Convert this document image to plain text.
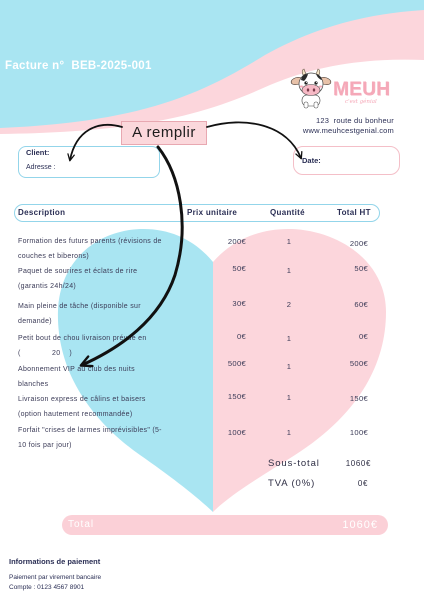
Facture n°  BEB-2025-001
MEUH
c'est génial
123  route du bonheur
www.meuhcestgenial.com
A remplir
Client:
Adresse :
Date:
Description	Prix unitaire	Quantité	Total HT
Formation des futurs parents (révisions de
couches et biberons)
200€	1	200€
Paquet de sourires et éclats de rire
(garantis 24h/24)
50€	1	50€
Main pleine de tâche (disponible sur
demande)
30€	2	60€
Petit bout de chou livraison prévue en
(              20    )
0€	1	0€
Abonnement VIP au club des nuits
blanches
500€	1	500€
Livraison express de câlins et baisers
(option hautement recommandée)
150€	1	150€
Forfait "crises de larmes imprévisibles" (5-
10 fois par jour)
100€	1	100€
Sous-total	1060€
TVA (0%)	0€
Total	1060€
Informations de paiement
Paiement par virement bancaire
Compte : 0123 4567 8901
